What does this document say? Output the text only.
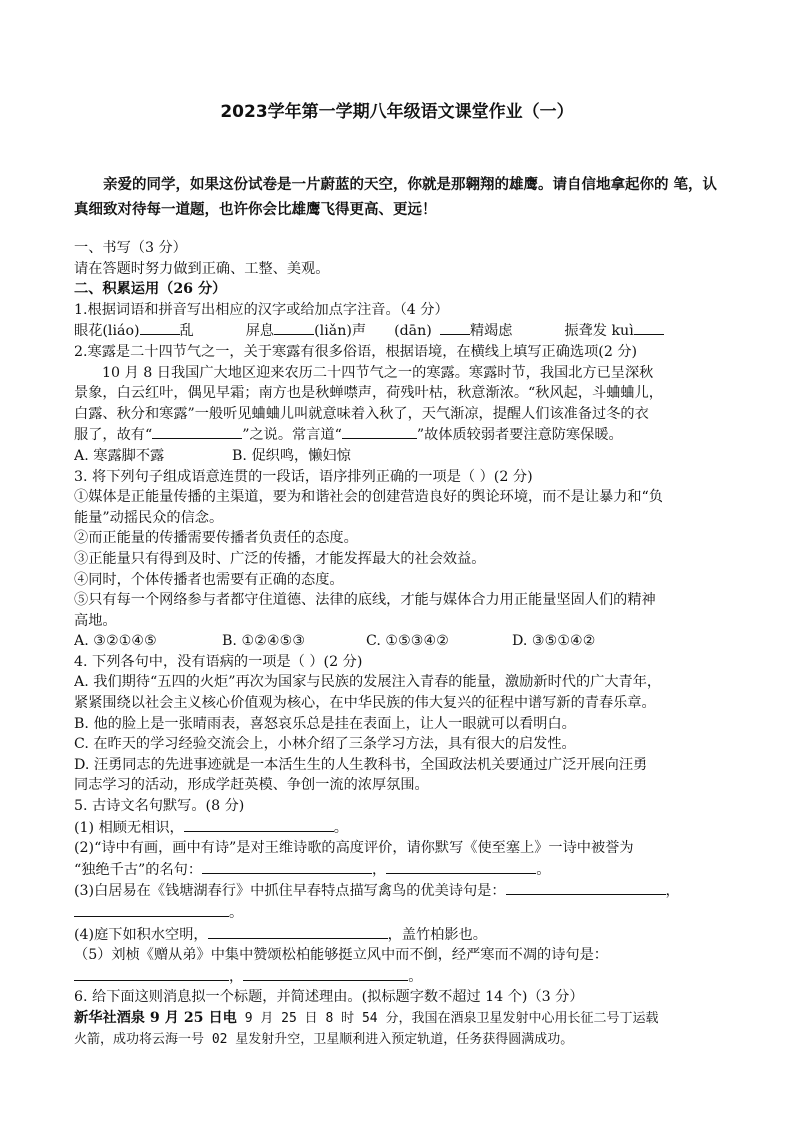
2023学年第一学期八年级语文课堂作业（一）
亲爱的同学，如果这份试卷是一片蔚蓝的天空，你就是那翱翔的雄鹰。请自信地拿起你的 笔，认真细致对待每一道题，也许你会比雄鹰飞得更高、更远！
一、书写（3 分）
请在答题时努力做到正确、工整、美观。
二、积累运用（26 分）
1.根据词语和拼音写出相应的汉字或给加点字注音。（4 分）
眼花(liáo)	乱	屏息	(liǎn)声 (dān)	精竭虑	振聋发 kuì
2.寒露是二十四节气之一，关于寒露有很多俗语，根据语境，在横线上填写正确选项(2 分)
10 月 8 日我国广大地区迎来农历二十四节气之一的寒露。寒露时节，我国北方已呈深秋
景象，白云红叶，偶见早霜；南方也是秋蝉噤声，荷残叶枯，秋意渐浓。“秋风起，斗蛐蛐儿，
白露、秋分和寒露”一般听见蛐蛐儿叫就意味着入秋了，天气渐凉，提醒人们该准备过冬的衣
服了，故有“	”之说。常言道“	”故体质较弱者要注意防寒保暖。
A. 寒露脚不露	B. 促织鸣，懒妇惊
3. 将下列句子组成语意连贯的一段话，语序排列正确的一项是（ ）(2 分)
①媒体是正能量传播的主渠道，要为和谐社会的创建营造良好的舆论环境，而不是让暴力和“负
能量”动摇民众的信念。
②而正能量的传播需要传播者负责任的态度。
③正能量只有得到及时、广泛的传播，才能发挥最大的社会效益。
④同时，个体传播者也需要有正确的态度。
⑤只有每一个网络参与者都守住道德、法律的底线，才能与媒体合力用正能量坚固人们的精神
高地。
A. ③②①④⑤	B. ①②④⑤③	C. ①⑤③④②	D. ③⑤①④②
4. 下列各句中，没有语病的一项是（ ）(2 分)
A. 我们期待“五四的火炬”再次为国家与民族的发展注入青春的能量，激励新时代的广大青年，
紧紧围绕以社会主义核心价值观为核心，在中华民族的伟大复兴的征程中谱写新的青春乐章。
B. 他的脸上是一张晴雨表，喜怒哀乐总是挂在表面上，让人一眼就可以看明白。
C. 在昨天的学习经验交流会上，小林介绍了三条学习方法，具有很大的启发性。
D. 汪勇同志的先进事迹就是一本活生生的人生教科书，全国政法机关要通过广泛开展向汪勇
同志学习的活动，形成学赶英模、争创一流的浓厚氛围。
5. 古诗文名句默写。(8 分)
(1) 相顾无相识，	。
(2)“诗中有画，画中有诗”是对王维诗歌的高度评价，请你默写《使至塞上》一诗中被誉为
“独绝千古”的名句：	，	。
(3)白居易在《钱塘湖春行》中抓住早春特点描写禽鸟的优美诗句是：	，
。
(4)庭下如积水空明，	，盖竹柏影也。
（5）刘桢《赠从弟》中集中赞颂松柏能够挺立风中而不倒，经严寒而不凋的诗句是：
，	。
6. 给下面这则消息拟一个标题，并简述理由。(拟标题字数不超过 14 个)（3 分）
新华社酒泉 9 月 25 日电 9 月 25 日 8 时 54 分，我国在酒泉卫星发射中心用长征二号丁运载
火箭，成功将云海一号 02 星发射升空，卫星顺利进入预定轨道，任务获得圆满成功。
